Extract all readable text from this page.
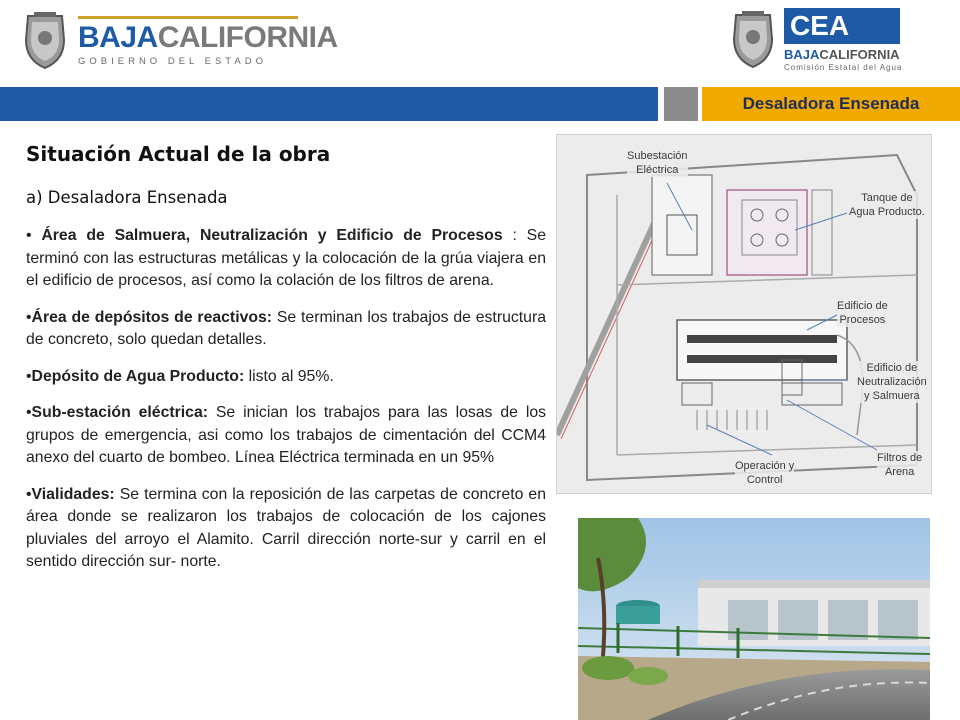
BAJACALIFORNIA
GOBIERNO DEL ESTADO
CEA
BAJACALIFORNIA
Comisión Estatal del Agua
Desaladora Ensenada
Situación Actual de la obra
a) Desaladora Ensenada

• Área de Salmuera, Neutralización y Edificio de Procesos : Se terminó con las estructuras metálicas y la colocación de la grúa viajera en el edificio de procesos, así como la colación de los filtros de arena.

•Área de depósitos de reactivos: Se terminan los trabajos de estructura de concreto, solo quedan detalles.

•Depósito de Agua Producto: listo al 95%.

•Sub-estación eléctrica: Se inician los trabajos para las losas de los grupos de emergencia, asi como los trabajos de cimentación del CCM4 anexo del cuarto de bombeo. Línea Eléctrica terminada en un 95%

•Vialidades: Se termina con la reposición de las carpetas de concreto en área donde se realizaron los trabajos de colocación de los cajones pluviales del arroyo el Alamito. Carril dirección norte-sur y carril en el sentido dirección sur- norte.

Subestación
Eléctrica
Tanque de
Agua Producto.
Edificio de
Procesos
Edificio de
Neutralización
y Salmuera
Filtros de
Arena
Operación y
Control
